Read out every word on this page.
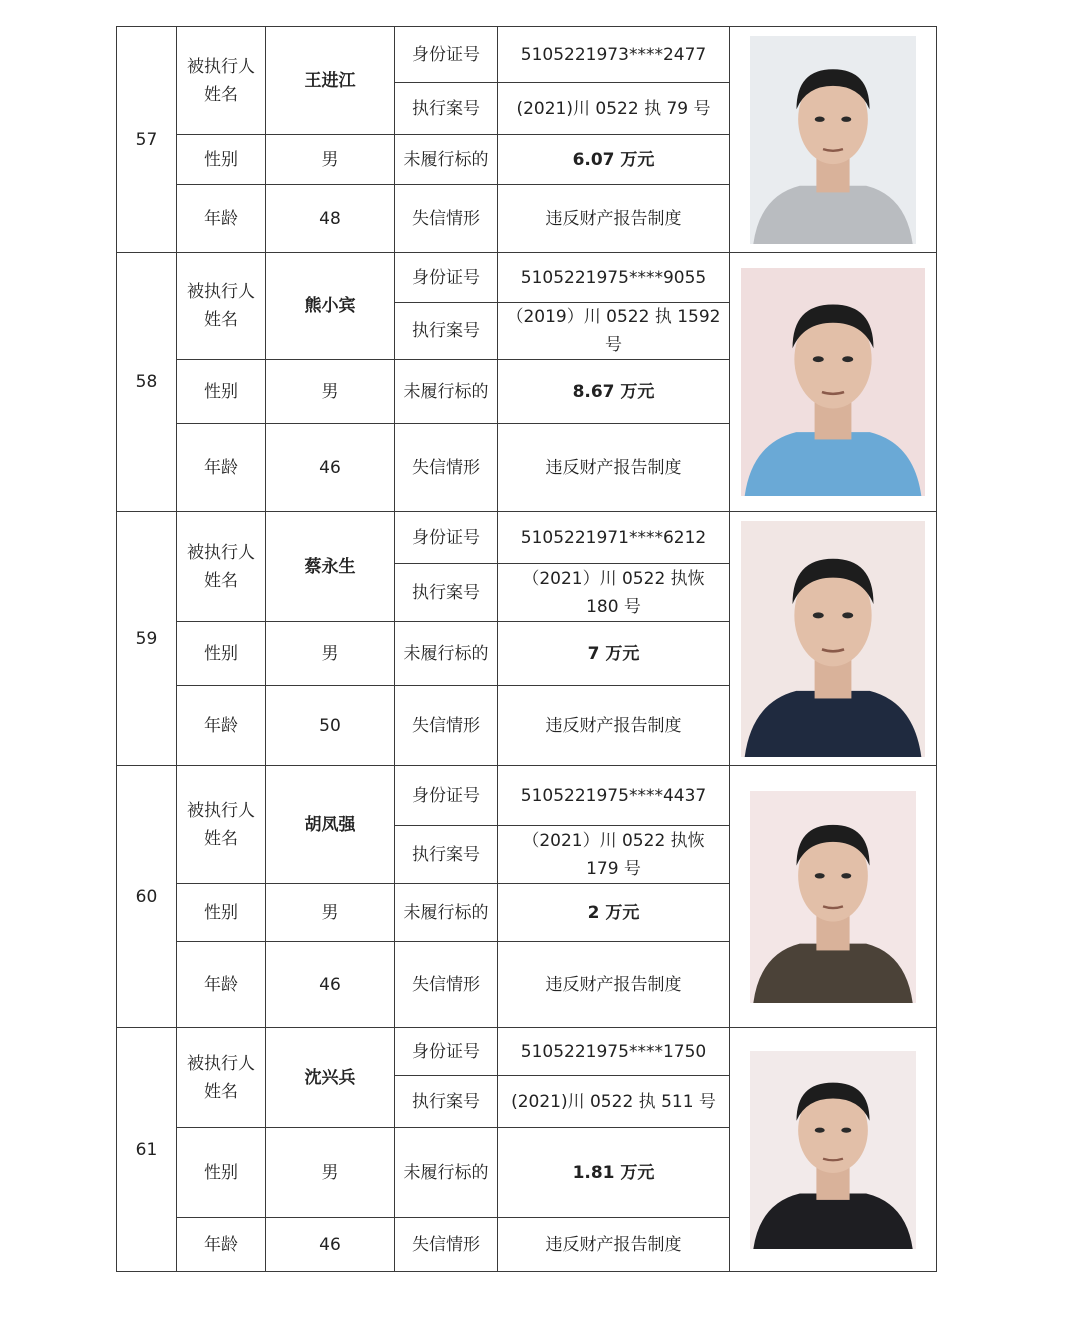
57	被执行人姓名	王进江	身份证号	5105221973****2477	

			执行案号	(2021)川 0522 执 79 号	
	性别	男	未履行标的	6.07 万元	
	年龄	48	失信情形	违反财产报告制度	
58	被执行人姓名	熊小宾	身份证号	5105221975****9055	

			执行案号	（2019）川 0522 执 1592 号	
	性别	男	未履行标的	8.67 万元	
	年龄	46	失信情形	违反财产报告制度	
59	被执行人姓名	蔡永生	身份证号	5105221971****6212	

			执行案号	（2021）川 0522 执恢 180 号	
	性别	男	未履行标的	7 万元	
	年龄	50	失信情形	违反财产报告制度	
60	被执行人姓名	胡凤强	身份证号	5105221975****4437	

			执行案号	（2021）川 0522 执恢 179 号	
	性别	男	未履行标的	2 万元	
	年龄	46	失信情形	违反财产报告制度	
61	被执行人姓名	沈兴兵	身份证号	5105221975****1750	

			执行案号	(2021)川 0522 执 511 号	
	性别	男	未履行标的	1.81 万元	
	年龄	46	失信情形	违反财产报告制度	
